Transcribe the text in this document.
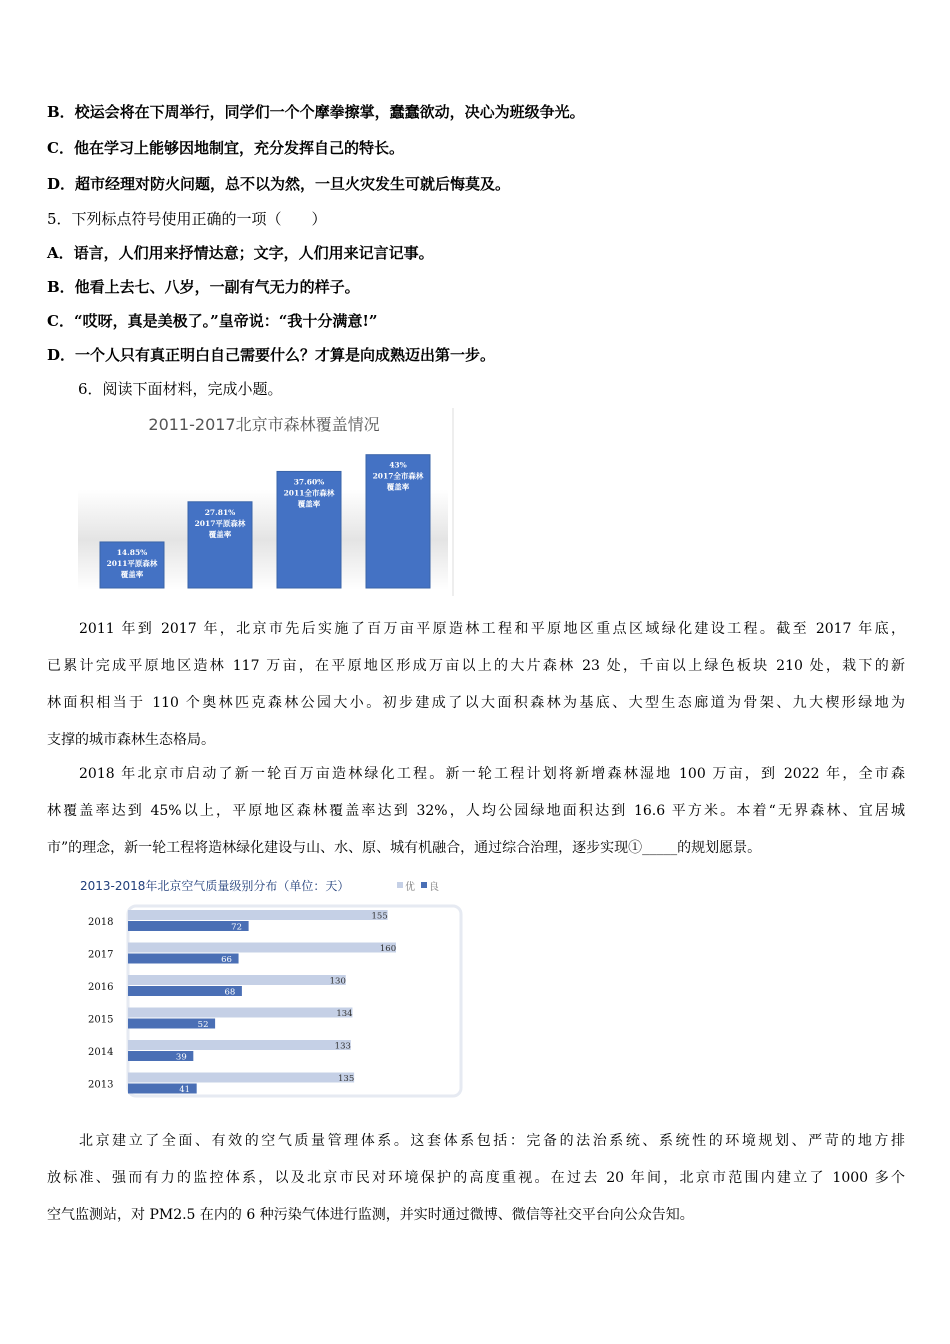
B．校运会将在下周举行，同学们一个个摩拳擦掌，蠢蠢欲动，决心为班级争光。
C．他在学习上能够因地制宜，充分发挥自己的特长。
D．超市经理对防火问题，总不以为然，一旦火灾发生可就后悔莫及。
5．下列标点符号使用正确的一项（　　）
A．语言，人们用来抒情达意；文字，人们用来记言记事。
B．他看上去七、八岁，一副有气无力的样子。
C．“哎呀，真是美极了。”皇帝说：“我十分满意!”
D．一个人只有真正明白自己需要什么？才算是向成熟迈出第一步。
6．阅读下面材料，完成小题。
2011-2017北京市森林覆盖情况
14.85%
2011平原森林
覆盖率
27.81%
2017平原森林
覆盖率
37.60%
2011全市森林
覆盖率
43%
2017全市森林
覆盖率
2011 年到 2017 年，北京市先后实施了百万亩平原造林工程和平原地区重点区域绿化建设工程。截至 2017 年底，
已累计完成平原地区造林 117 万亩，在平原地区形成万亩以上的大片森林 23 处，千亩以上绿色板块 210 处，栽下的新
林面积相当于 110 个奥林匹克森林公园大小。初步建成了以大面积森林为基底、大型生态廊道为骨架、九大楔形绿地为
支撑的城市森林生态格局。
2018 年北京市启动了新一轮百万亩造林绿化工程。新一轮工程计划将新增森林湿地 100 万亩，到 2022 年，全市森
林覆盖率达到 45%以上，平原地区森林覆盖率达到 32%，人均公园绿地面积达到 16.6 平方米。本着“无界森林、宜居城
市”的理念，新一轮工程将造林绿化建设与山、水、原、城有机融合，通过综合治理，逐步实现①_____的规划愿景。
2013-2018年北京空气质量级别分布（单位：天）	优 良
2018
155
72
2017
160
66
2016
130
68
2015
134
52
2014
133
39
2013
135
41
北京建立了全面、有效的空气质量管理体系。这套体系包括：完备的法治系统、系统性的环境规划、严苛的地方排
放标准、强而有力的监控体系，以及北京市民对环境保护的高度重视。在过去 20 年间，北京市范围内建立了 1000 多个
空气监测站，对 PM2.5 在内的 6 种污染气体进行监测，并实时通过微博、微信等社交平台向公众告知。
